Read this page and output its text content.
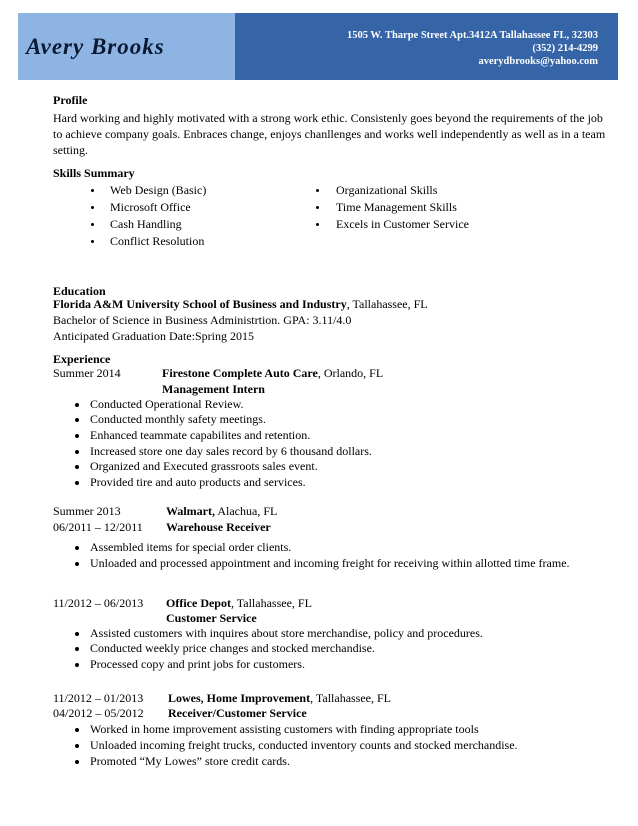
Avery Brooks	1505 W. Tharpe Street Apt.3412A Tallahassee FL, 32303
(352) 214-4299
averydbrooks@yahoo.com
Profile
Hard working and highly motivated with a strong work ethic. Consistenly goes beyond the requirements of the job
to achieve company goals. Enbraces change, enjoys chanllenges and works well independently as well as in a team
setting.
Skills Summary
Web Design (Basic)
Microsoft Office
Cash Handling
Conflict Resolution
Organizational Skills
Time Management Skills
Excels in Customer Service
Education
Florida A&M University School of Business and Industry, Tallahassee, FL
Bachelor of Science in Business Administrtion. GPA: 3.11/4.0
Anticipated Graduation Date:Spring 2015
Experience
Summer 2014	Firestone Complete Auto Care, Orlando, FL
Management Intern
Conducted Operational Review.
Conducted monthly safety meetings.
Enhanced teammate capabilites and retention.
Increased store one day sales record by 6 thousand dollars.
Organized and Executed grassroots sales event.
Provided tire and auto products and services.
Summer 2013
06/2011 – 12/2011
Walmart, Alachua, FL
Warehouse Receiver
Assembled items for special order clients.
Unloaded and processed appointment and incoming freight for receiving within allotted time frame.
11/2012 – 06/2013 Office Depot, Tallahassee, FL
Customer Service
Assisted customers with inquires about store merchandise, policy and procedures.
Conducted weekly price changes and stocked merchandise.
Processed copy and print jobs for customers.
11/2012 – 01/2013
04/2012 – 05/2012
Lowes, Home Improvement, Tallahassee, FL
Receiver/Customer Service
Worked in home improvement assisting customers with finding appropriate tools
Unloaded incoming freight trucks, conducted inventory counts and stocked merchandise.
Promoted “My Lowes” store credit cards.
